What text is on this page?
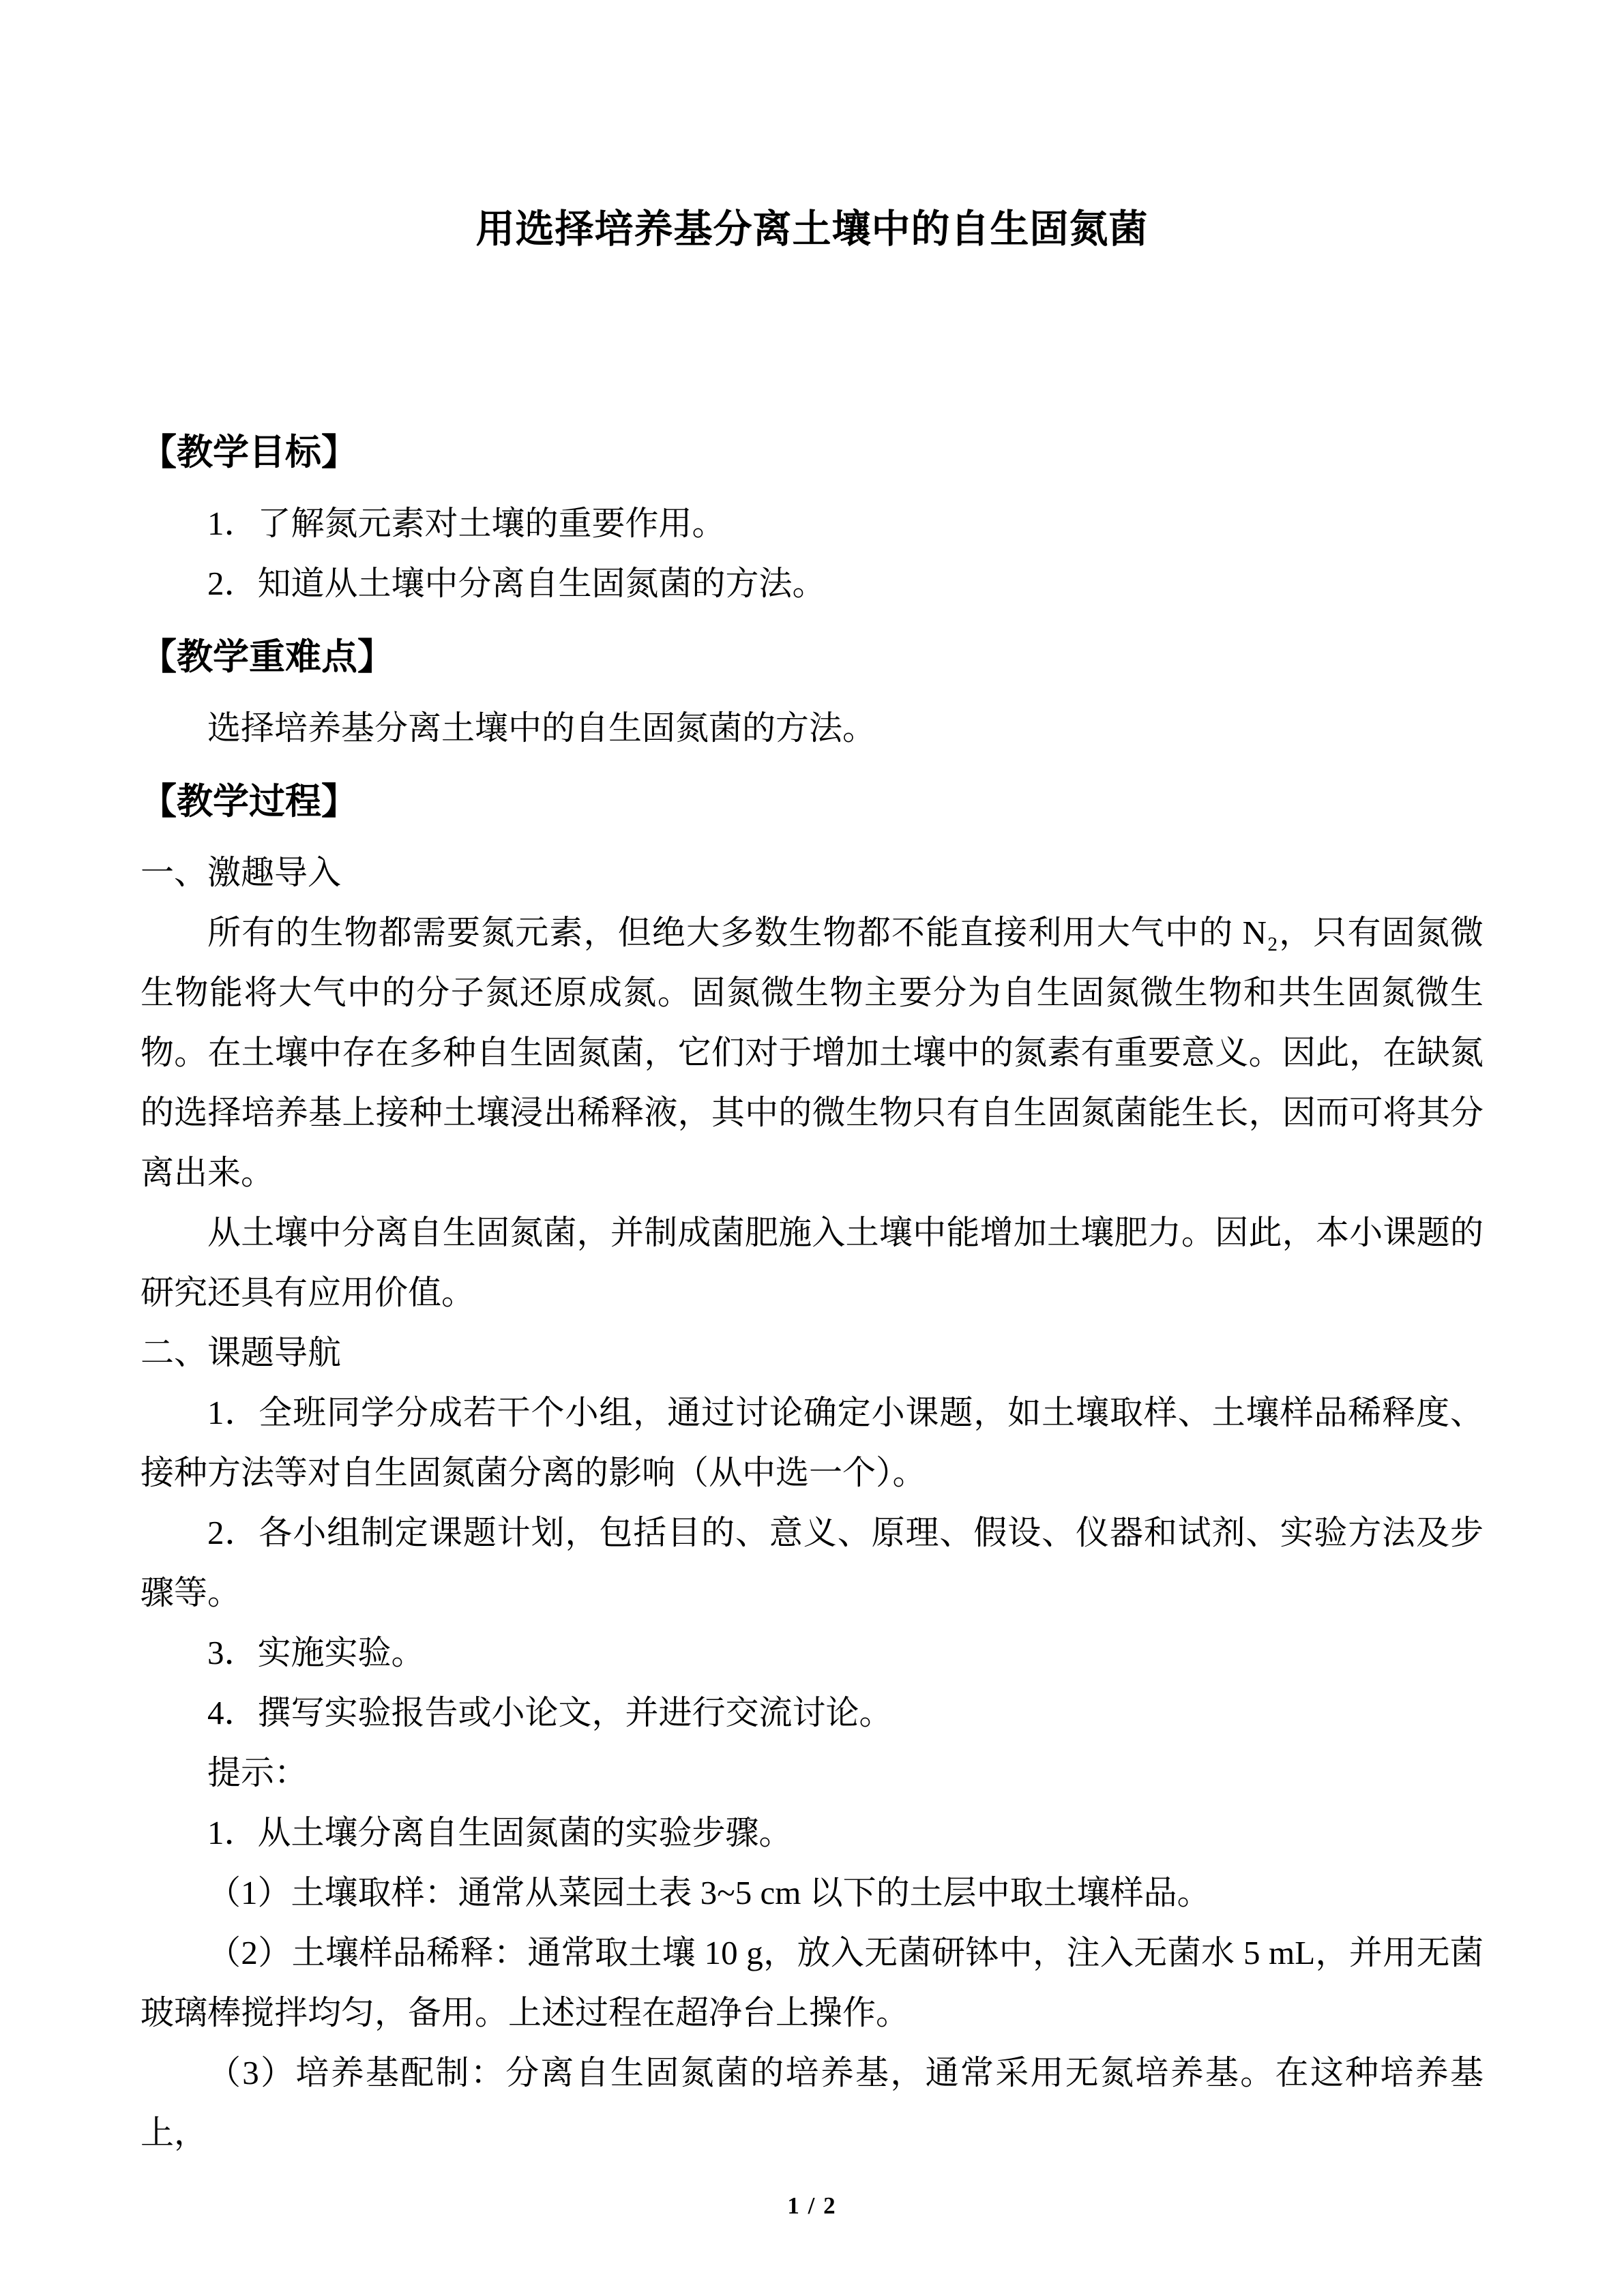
用选择培养基分离土壤中的自生固氮菌
【教学目标】

1．了解氮元素对土壤的重要作用。

2．知道从土壤中分离自生固氮菌的方法。

【教学重难点】

选择培养基分离土壤中的自生固氮菌的方法。

【教学过程】

一、激趣导入

所有的生物都需要氮元素，但绝大多数生物都不能直接利用大气中的 N₂，只有固氮微生物能将大气中的分子氮还原成氮。固氮微生物主要分为自生固氮微生物和共生固氮微生物。在土壤中存在多种自生固氮菌，它们对于增加土壤中的氮素有重要意义。因此，在缺氮的选择培养基上接种土壤浸出稀释液，其中的微生物只有自生固氮菌能生长，因而可将其分离出来。

从土壤中分离自生固氮菌，并制成菌肥施入土壤中能增加土壤肥力。因此，本小课题的研究还具有应用价值。

二、课题导航

1．全班同学分成若干个小组，通过讨论确定小课题，如土壤取样、土壤样品稀释度、接种方法等对自生固氮菌分离的影响（从中选一个）。

2．各小组制定课题计划，包括目的、意义、原理、假设、仪器和试剂、实验方法及步骤等。

3．实施实验。

4．撰写实验报告或小论文，并进行交流讨论。

提示：

1．从土壤分离自生固氮菌的实验步骤。

（1）土壤取样：通常从菜园土表 3~5 cm 以下的土层中取土壤样品。

（2）土壤样品稀释：通常取土壤 10 g，放入无菌研钵中，注入无菌水 5 mL，并用无菌玻璃棒搅拌均匀，备用。上述过程在超净台上操作。

（3）培养基配制：分离自生固氮菌的培养基，通常采用无氮培养基。在这种培养基上，

1 / 2
